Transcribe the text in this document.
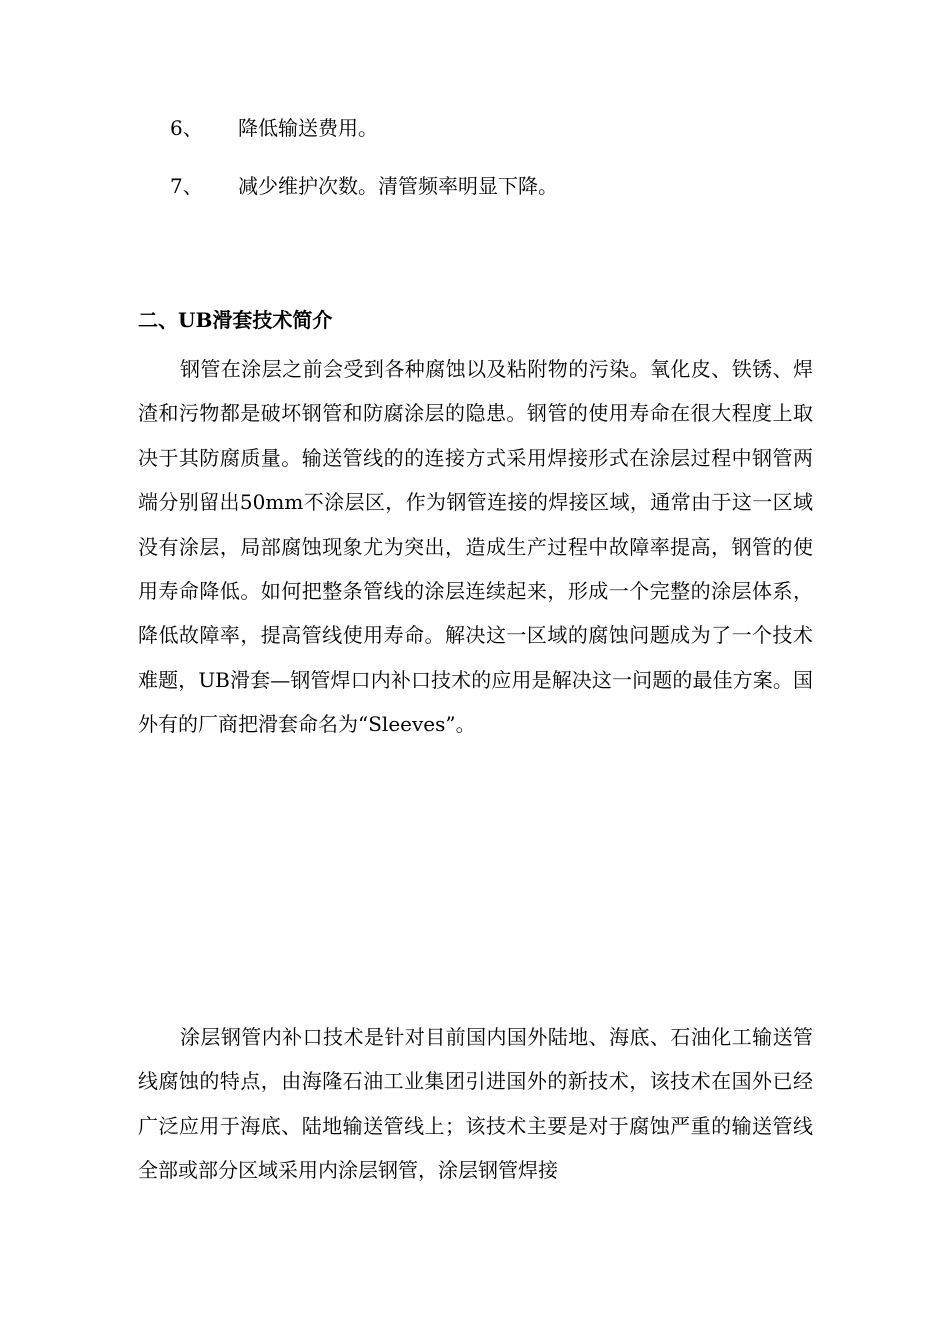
6、 降低输送费用。
7、 减少维护次数。清管频率明显下降。
二、UB滑套技术简介

钢管在涂层之前会受到各种腐蚀以及粘附物的污染。氧化皮、铁锈、焊渣和污物都是破坏钢管和防腐涂层的隐患。钢管的使用寿命在很大程度上取决于其防腐质量。输送管线的的连接方式采用焊接形式在涂层过程中钢管两端分别留出50mm不涂层区，作为钢管连接的焊接区域，通常由于这一区域没有涂层，局部腐蚀现象尤为突出，造成生产过程中故障率提高，钢管的使用寿命降低。如何把整条管线的涂层连续起来，形成一个完整的涂层体系，降低故障率，提高管线使用寿命。解决这一区域的腐蚀问题成为了一个技术难题，UB滑套—钢管焊口内补口技术的应用是解决这一问题的最佳方案。国外有的厂商把滑套命名为“Sleeves”。

涂层钢管内补口技术是针对目前国内国外陆地、海底、石油化工输送管线腐蚀的特点，由海隆石油工业集团引进国外的新技术，该技术在国外已经广泛应用于海底、陆地输送管线上；该技术主要是对于腐蚀严重的输送管线全部或部分区域采用内涂层钢管，涂层钢管焊接
